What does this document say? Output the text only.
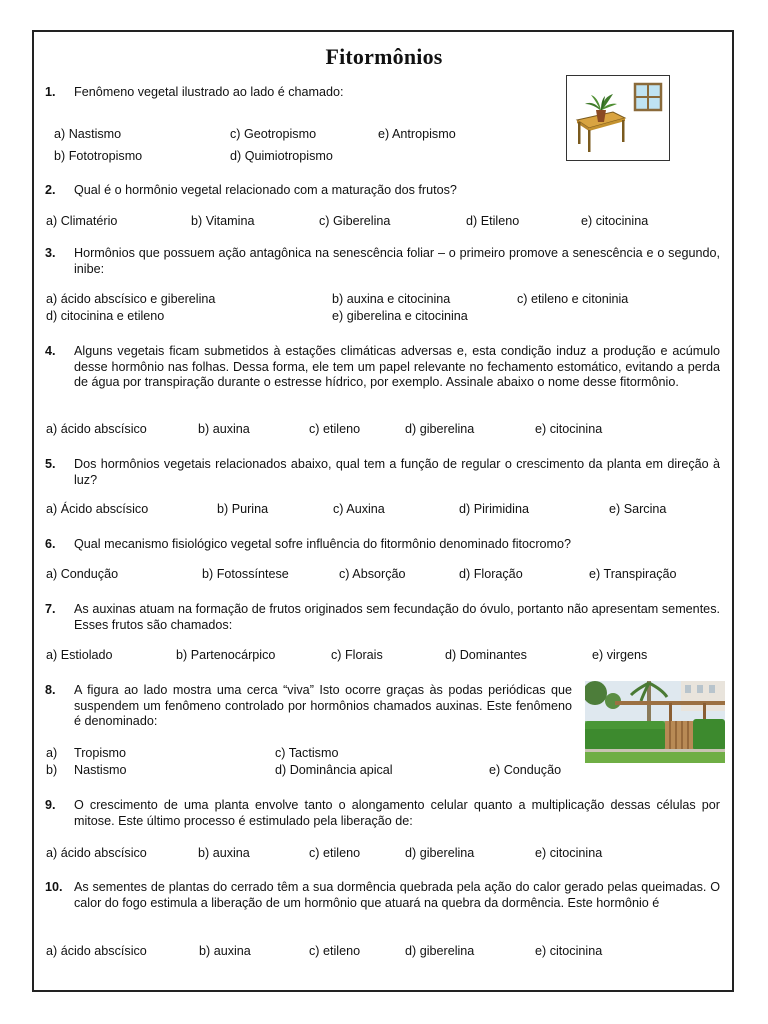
Fitormônios
1. Fenômeno vegetal ilustrado ao lado é chamado:
a) Nastismo	c) Geotropismo	e) Antropismo
b) Fototropismo	d) Quimiotropismo
2. Qual é o hormônio vegetal relacionado com a maturação dos frutos?
a) Climatério	b) Vitamina	c) Giberelina	d) Etileno	e) citocinina
3. Hormônios que possuem ação antagônica na senescência foliar – o primeiro promove a senescência e o segundo, inibe:
a) ácido abscísico e giberelina	b) auxina e citocinina	c) etileno e citoninia
d) citocinina e etileno	e) giberelina e citocinina
4. Alguns vegetais ficam submetidos à estações climáticas adversas e, esta condição induz a produção e acúmulo desse hormônio nas folhas. Dessa forma, ele tem um papel relevante no fechamento estomático, evitando a perda de água por transpiração durante o estresse hídrico, por exemplo. Assinale abaixo o nome desse fitormônio.
a) ácido abscísico	b) auxina	c) etileno	d) giberelina	e) citocinina
5. Dos hormônios vegetais relacionados abaixo, qual tem a função de regular o crescimento da planta em direção à luz?
a) Ácido abscísico	b) Purina	c) Auxina	d) Pirimidina	e) Sarcina
6. Qual mecanismo fisiológico vegetal sofre influência do fitormônio denominado fitocromo?
a) Condução	b) Fotossíntese	c) Absorção	d) Floração	e) Transpiração
7. As auxinas atuam na formação de frutos originados sem fecundação do óvulo, portanto não apresentam sementes. Esses frutos são chamados:
a) Estiolado	b) Partenocárpico	c) Florais	d) Dominantes	e) virgens
8. A figura ao lado mostra uma cerca “viva” Isto ocorre graças às podas periódicas que suspendem um fenômeno controlado por hormônios chamados auxinas. Este fenômeno é denominado:
a) Tropismo	c) Tactismo
b) Nastismo	d) Dominância apical	e) Condução
9. O crescimento de uma planta envolve tanto o alongamento celular quanto a multiplicação dessas células por mitose. Este último processo é estimulado pela liberação de:
a) ácido abscísico	b) auxina	c) etileno	d) giberelina	e) citocinina
10. As sementes de plantas do cerrado têm a sua dormência quebrada pela ação do calor gerado pelas queimadas. O calor do fogo estimula a liberação de um hormônio que atuará na quebra da dormência. Este hormônio é
a) ácido abscísico	b) auxina	c) etileno	d) giberelina	e) citocinina
